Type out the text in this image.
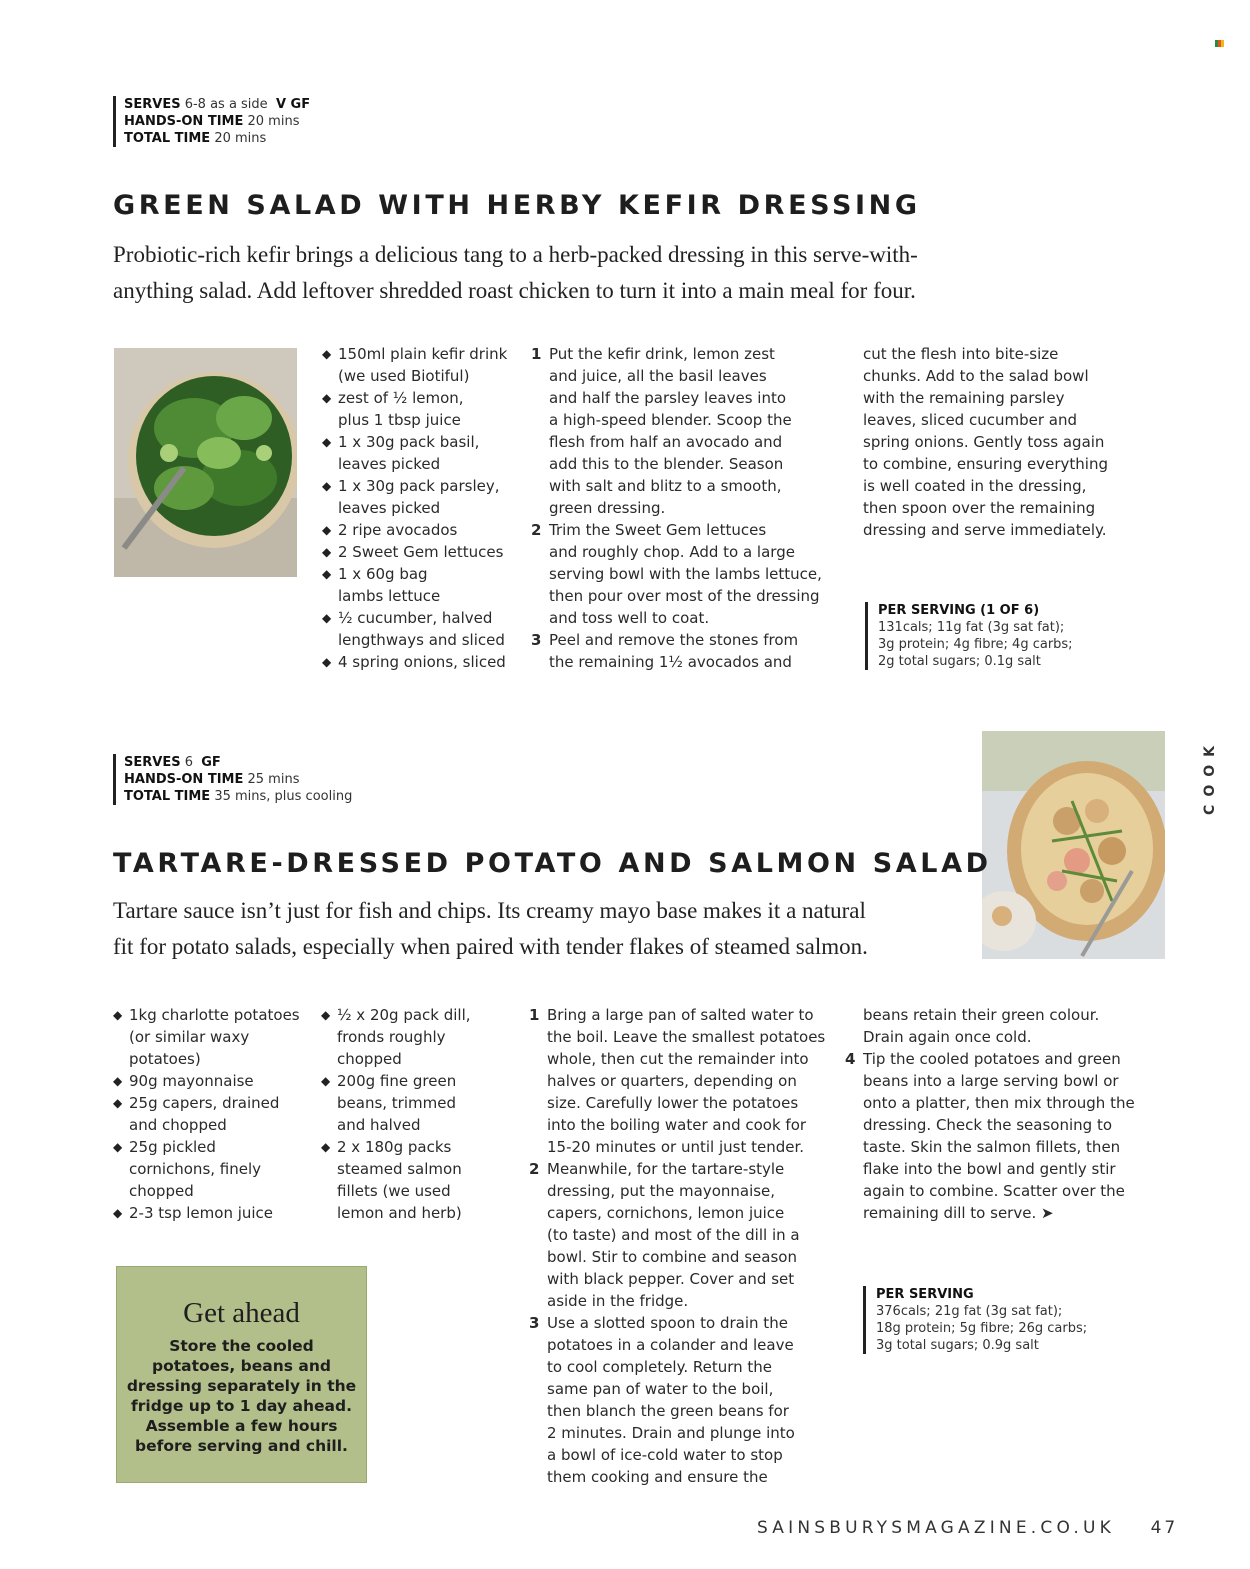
SERVES 6-8 as a side V GF
HANDS-ON TIME 20 mins
TOTAL TIME 20 mins
GREEN SALAD WITH HERBY KEFIR DRESSING
Probiotic-rich kefir brings a delicious tang to a herb-packed dressing in this serve-with-
anything salad. Add leftover shredded roast chicken to turn it into a main meal for four.
◆ 150ml plain kefir drink
(we used Biotiful)
◆ zest of ½ lemon,
plus 1 tbsp juice
◆ 1 x 30g pack basil,
leaves picked
◆ 1 x 30g pack parsley,
leaves picked
◆ 2 ripe avocados
◆ 2 Sweet Gem lettuces
◆ 1 x 60g bag
lambs lettuce
◆ ½ cucumber, halved
lengthways and sliced
◆ 4 spring onions, sliced
1 Put the kefir drink, lemon zest
and juice, all the basil leaves
and half the parsley leaves into
a high-speed blender. Scoop the
flesh from half an avocado and
add this to the blender. Season
with salt and blitz to a smooth,
green dressing.
2 Trim the Sweet Gem lettuces
and roughly chop. Add to a large
serving bowl with the lambs lettuce,
then pour over most of the dressing
and toss well to coat.
3 Peel and remove the stones from
the remaining 1½ avocados and
cut the flesh into bite-size
chunks. Add to the salad bowl
with the remaining parsley
leaves, sliced cucumber and
spring onions. Gently toss again
to combine, ensuring everything
is well coated in the dressing,
then spoon over the remaining
dressing and serve immediately.
PER SERVING (1 OF 6)
131cals; 11g fat (3g sat fat);
3g protein; 4g fibre; 4g carbs;
2g total sugars; 0.1g salt
SERVES 6 GF
HANDS-ON TIME 25 mins
TOTAL TIME 35 mins, plus cooling
TARTARE-DRESSED POTATO AND SALMON SALAD
Tartare sauce isn’t just for fish and chips. Its creamy mayo base makes it a natural
fit for potato salads, especially when paired with tender flakes of steamed salmon.
◆ 1kg charlotte potatoes
(or similar waxy
potatoes)
◆ 90g mayonnaise
◆ 25g capers, drained
and chopped
◆ 25g pickled
cornichons, finely
chopped
◆ 2-3 tsp lemon juice
◆ ½ x 20g pack dill,
fronds roughly
chopped
◆ 200g fine green
beans, trimmed
and halved
◆ 2 x 180g packs
steamed salmon
fillets (we used
lemon and herb)
1 Bring a large pan of salted water to
the boil. Leave the smallest potatoes
whole, then cut the remainder into
halves or quarters, depending on
size. Carefully lower the potatoes
into the boiling water and cook for
15-20 minutes or until just tender.
2 Meanwhile, for the tartare-style
dressing, put the mayonnaise,
capers, cornichons, lemon juice
(to taste) and most of the dill in a
bowl. Stir to combine and season
with black pepper. Cover and set
aside in the fridge.
3 Use a slotted spoon to drain the
potatoes in a colander and leave
to cool completely. Return the
same pan of water to the boil,
then blanch the green beans for
2 minutes. Drain and plunge into
a bowl of ice-cold water to stop
them cooking and ensure the
beans retain their green colour.
Drain again once cold.
4 Tip the cooled potatoes and green
beans into a large serving bowl or
onto a platter, then mix through the
dressing. Check the seasoning to
taste. Skin the salmon fillets, then
flake into the bowl and gently stir
again to combine. Scatter over the
remaining dill to serve. ➤
PER SERVING
376cals; 21g fat (3g sat fat);
18g protein; 5g fibre; 26g carbs;
3g total sugars; 0.9g salt
Get ahead
Store the cooled
potatoes, beans and
dressing separately in the
fridge up to 1 day ahead.
Assemble a few hours
before serving and chill.
COOK
SAINSBURYSMAGAZINE.CO.UK 47
